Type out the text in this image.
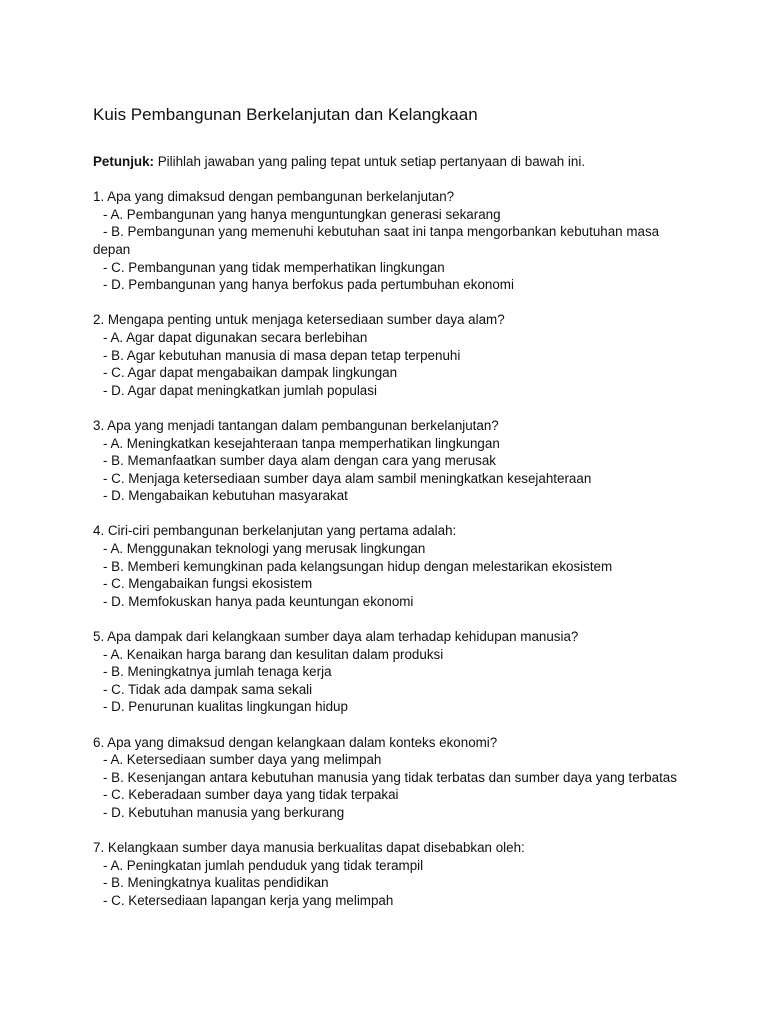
Kuis Pembangunan Berkelanjutan dan Kelangkaan

Petunjuk: Pilihlah jawaban yang paling tepat untuk setiap pertanyaan di bawah ini.

1. Apa yang dimaksud dengan pembangunan berkelanjutan?

- A. Pembangunan yang hanya menguntungkan generasi sekarang

- B. Pembangunan yang memenuhi kebutuhan saat ini tanpa mengorbankan kebutuhan masa depan

- C. Pembangunan yang tidak memperhatikan lingkungan

- D. Pembangunan yang hanya berfokus pada pertumbuhan ekonomi

2. Mengapa penting untuk menjaga ketersediaan sumber daya alam?

- A. Agar dapat digunakan secara berlebihan

- B. Agar kebutuhan manusia di masa depan tetap terpenuhi

- C. Agar dapat mengabaikan dampak lingkungan

- D. Agar dapat meningkatkan jumlah populasi

3. Apa yang menjadi tantangan dalam pembangunan berkelanjutan?

- A. Meningkatkan kesejahteraan tanpa memperhatikan lingkungan

- B. Memanfaatkan sumber daya alam dengan cara yang merusak

- C. Menjaga ketersediaan sumber daya alam sambil meningkatkan kesejahteraan

- D. Mengabaikan kebutuhan masyarakat

4. Ciri-ciri pembangunan berkelanjutan yang pertama adalah:

- A. Menggunakan teknologi yang merusak lingkungan

- B. Memberi kemungkinan pada kelangsungan hidup dengan melestarikan ekosistem

- C. Mengabaikan fungsi ekosistem

- D. Memfokuskan hanya pada keuntungan ekonomi

5. Apa dampak dari kelangkaan sumber daya alam terhadap kehidupan manusia?

- A. Kenaikan harga barang dan kesulitan dalam produksi

- B. Meningkatnya jumlah tenaga kerja

- C. Tidak ada dampak sama sekali

- D. Penurunan kualitas lingkungan hidup

6. Apa yang dimaksud dengan kelangkaan dalam konteks ekonomi?

- A. Ketersediaan sumber daya yang melimpah

- B. Kesenjangan antara kebutuhan manusia yang tidak terbatas dan sumber daya yang terbatas

- C. Keberadaan sumber daya yang tidak terpakai

- D. Kebutuhan manusia yang berkurang

7. Kelangkaan sumber daya manusia berkualitas dapat disebabkan oleh:

- A. Peningkatan jumlah penduduk yang tidak terampil

- B. Meningkatnya kualitas pendidikan

- C. Ketersediaan lapangan kerja yang melimpah
